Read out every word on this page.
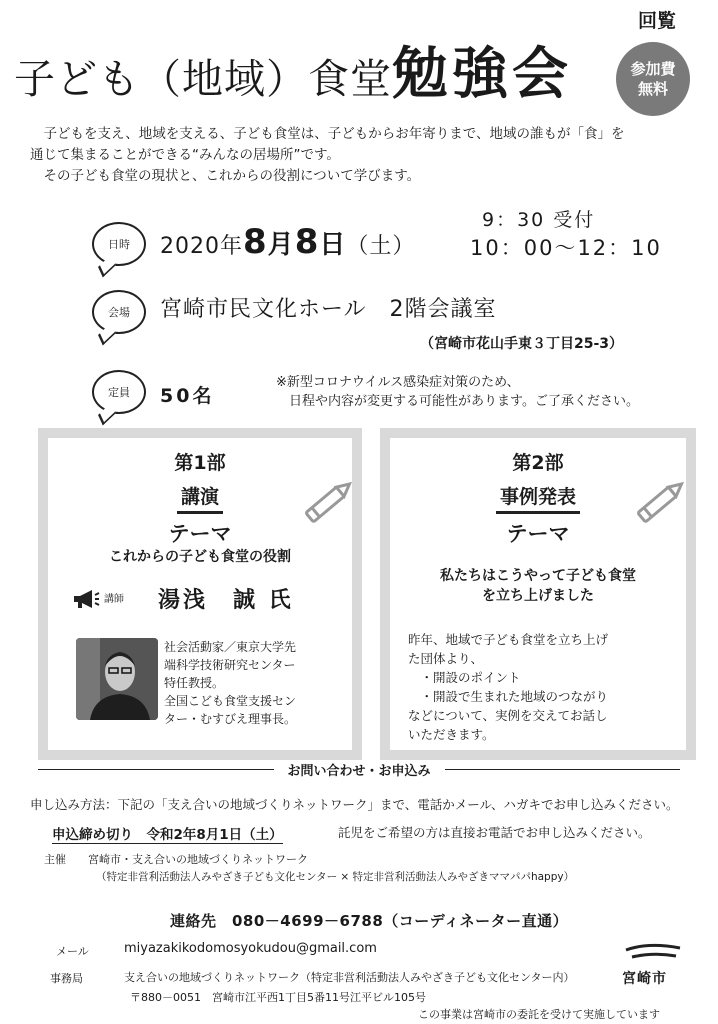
回覧
子ども（地域）食堂勉強会	参加費
無料
子どもを支え、地域を支える、子ども食堂は、子どもからお年寄りまで、地域の誰もが「食」を
通じて集まることができる“みんなの居場所”です。
その子ども食堂の現状と、これからの役割について学びます。
日時 2020年8月8日（土）
9：30 受付
10：00～12：10
会場 宮崎市民文化ホール　2階会議室
（宮崎市花山手東３丁目25-3）
定員 50名
※新型コロナウイルス感染症対策のため、
日程や内容が変更する可能性があります。ご了承ください。
第1部
講演
テーマ
これからの子ども食堂の役割
講師 湯浅　誠 氏
社会活動家／東京大学先
端科学技術研究センター
特任教授。
全国こども食堂支援セン
ター・むすびえ理事長。
第2部
事例発表
テーマ
私たちはこうやって子ども食堂
を立ち上げました
昨年、地域で子ども食堂を立ち上げ
た団体より、
・開設のポイント
・開設で生まれた地域のつながり
などについて、実例を交えてお話し
いただきます。
お問い合わせ・お申込み
申し込み方法：下記の「支え合いの地域づくりネットワーク」まで、電話かメール、ハガキでお申し込みください。
申込締め切り　令和2年8月1日（土）	託児をご希望の方は直接お電話でお申し込みください。
主催 宮崎市・支え合いの地域づくりネットワーク
（特定非営利活動法人みやざき子ども文化センター × 特定非営利活動法人みやざきママパパhappy）
連絡先　080－4699－6788（コーディネーター直通）
メール	miyazakikodomosyokudou@gmail.com
事務局	支え合いの地域づくりネットワーク（特定非営利活動法人みやざき子ども文化センター内）
〒880－0051　宮崎市江平西1丁目5番11号江平ビル105号
宮崎市
この事業は宮崎市の委託を受けて実施しています
